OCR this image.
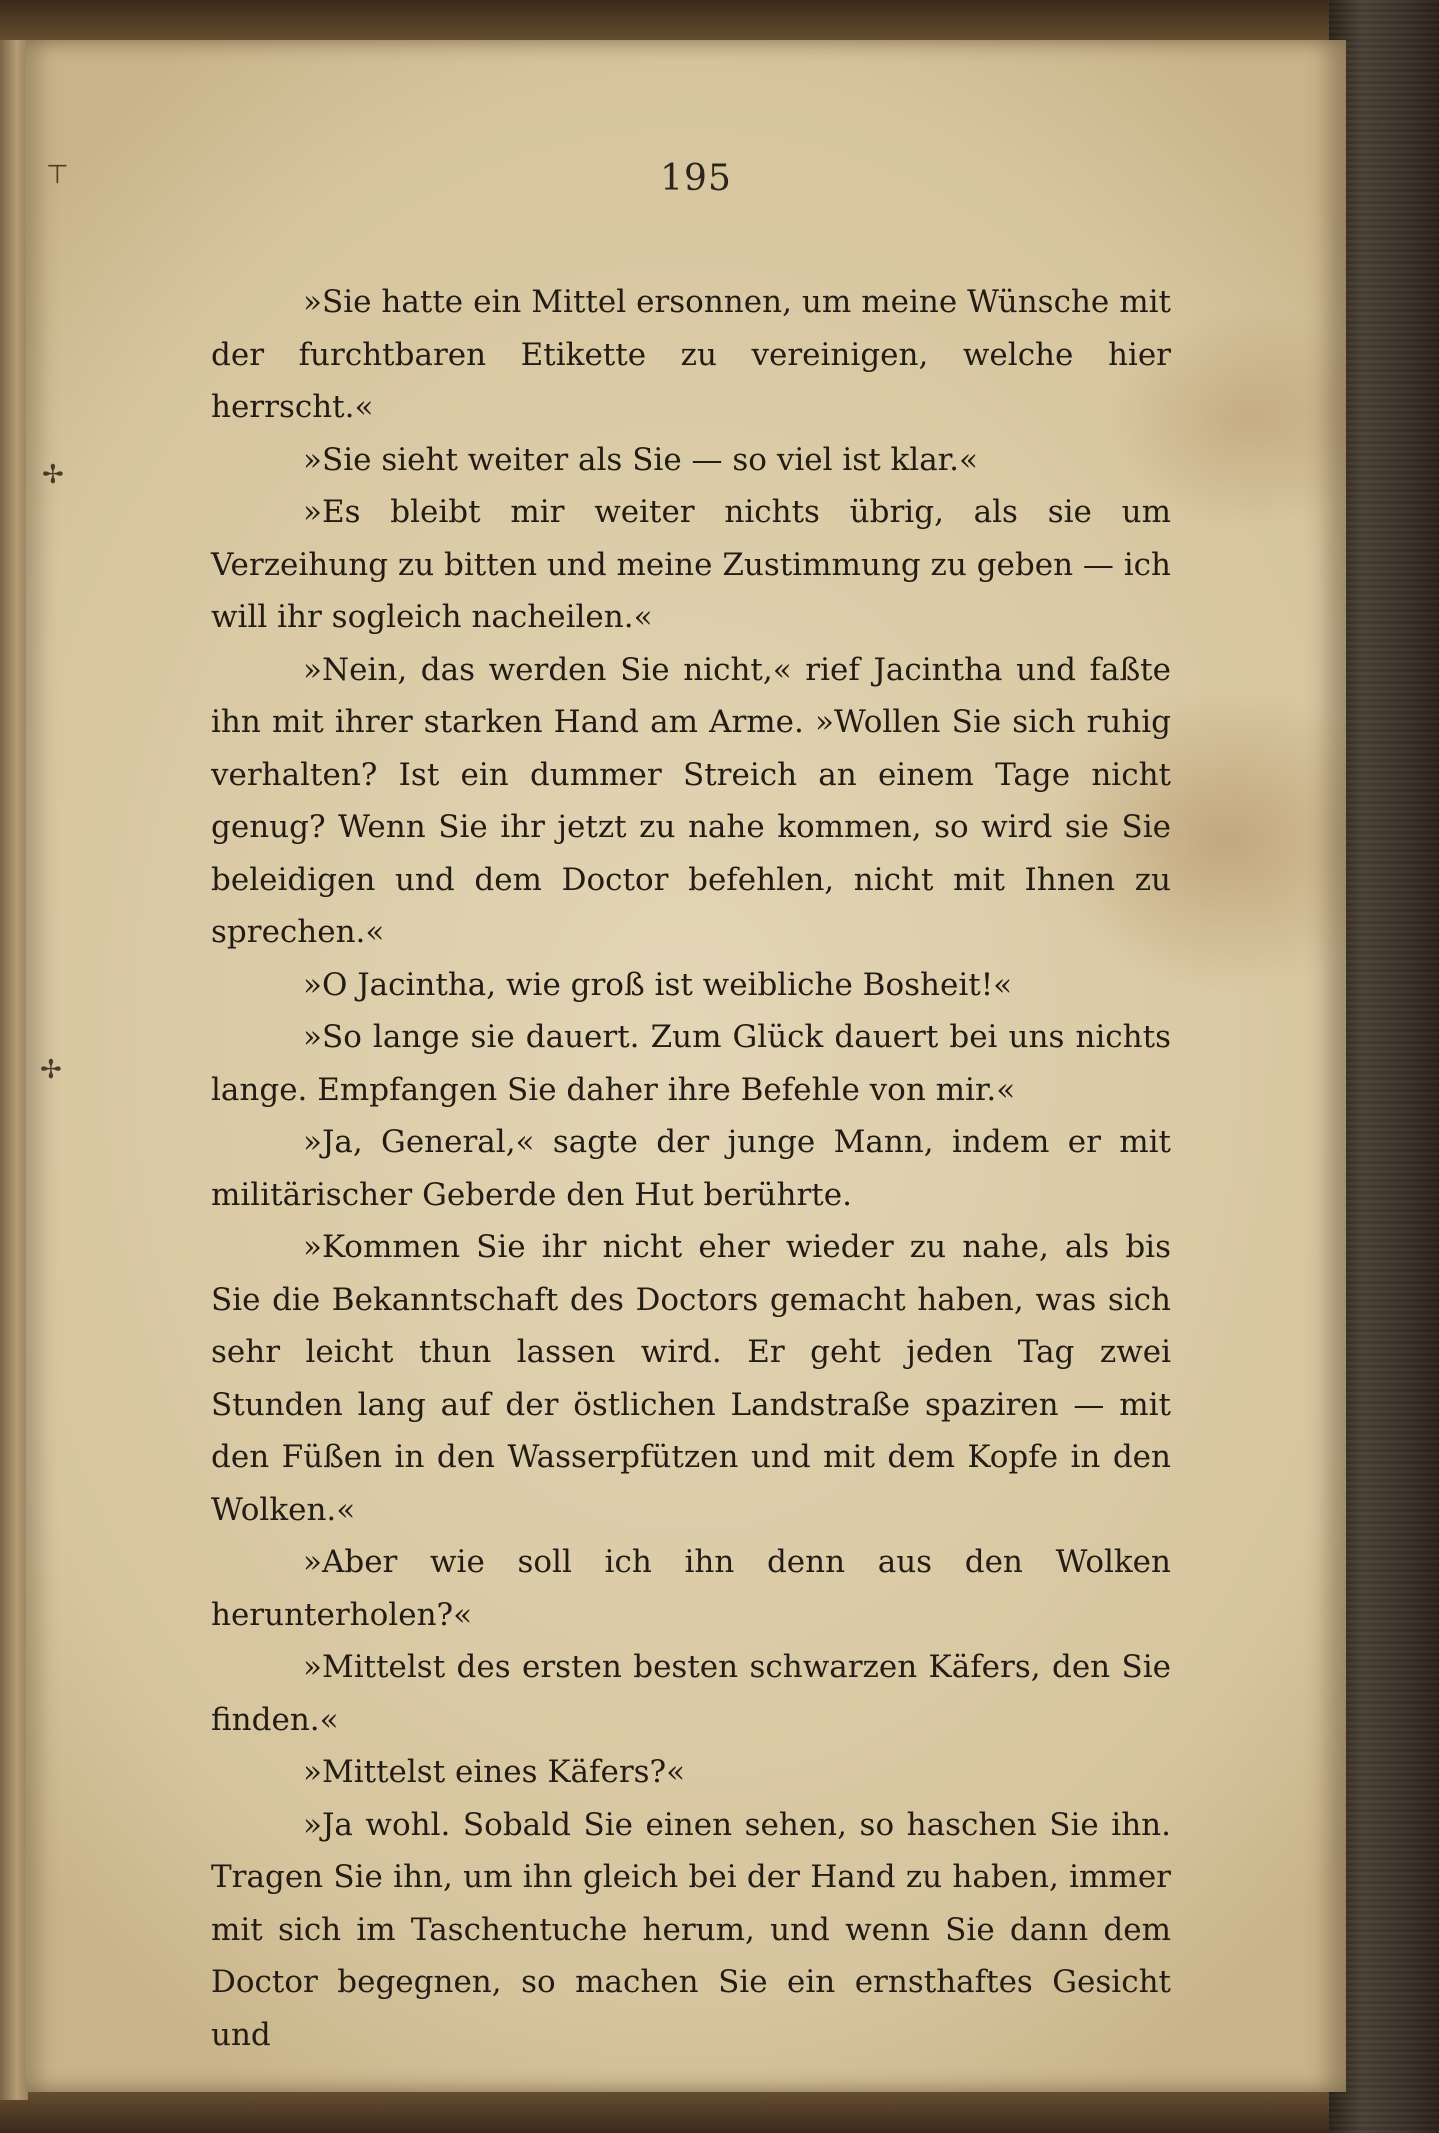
195
⊤
✢
✢

»Sie hatte ein Mittel ersonnen, um meine Wünsche mit der furchtbaren Etikette zu vereinigen, welche hier herrscht.«

»Sie sieht weiter als Sie — so viel ist klar.«

»Es bleibt mir weiter nichts übrig, als sie um Verzeihung zu bitten und meine Zustimmung zu geben — ich will ihr sogleich nacheilen.«

»Nein, das werden Sie nicht,« rief Jacintha und faßte ihn mit ihrer starken Hand am Arme. »Wollen Sie sich ruhig verhalten? Ist ein dummer Streich an einem Tage nicht genug? Wenn Sie ihr jetzt zu nahe kommen, so wird sie Sie beleidigen und dem Doctor befehlen, nicht mit Ihnen zu sprechen.«

»O Jacintha, wie groß ist weibliche Bosheit!«

»So lange sie dauert. Zum Glück dauert bei uns nichts lange. Empfangen Sie daher ihre Befehle von mir.«

»Ja, General,« sagte der junge Mann, indem er mit militärischer Geberde den Hut berührte.

»Kommen Sie ihr nicht eher wieder zu nahe, als bis Sie die Bekanntschaft des Doctors gemacht haben, was sich sehr leicht thun lassen wird. Er geht jeden Tag zwei Stunden lang auf der östlichen Landstraße spaziren — mit den Füßen in den Wasserpfützen und mit dem Kopfe in den Wolken.«

»Aber wie soll ich ihn denn aus den Wolken herunterholen?«

»Mittelst des ersten besten schwarzen Käfers, den Sie finden.«

»Mittelst eines Käfers?«

»Ja wohl. Sobald Sie einen sehen, so haschen Sie ihn. Tragen Sie ihn, um ihn gleich bei der Hand zu haben, immer mit sich im Taschentuche herum, und wenn Sie dann dem Doctor begegnen, so machen Sie ein ernsthaftes Gesicht und
